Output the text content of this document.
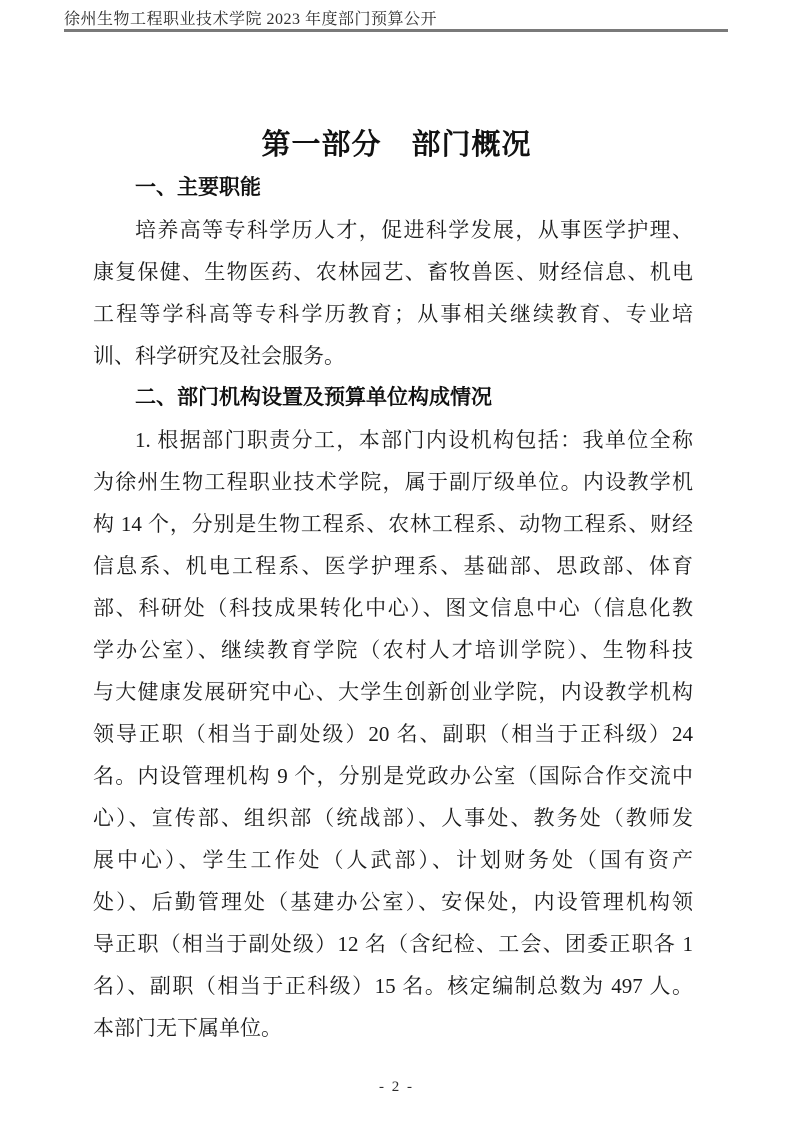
徐州生物工程职业技术学院 2023 年度部门预算公开
第一部分　部门概况
一、主要职能
培养高等专科学历人才，促进科学发展，从事医学护理、
康复保健、生物医药、农林园艺、畜牧兽医、财经信息、机电
工程等学科高等专科学历教育；从事相关继续教育、专业培
训、科学研究及社会服务。
二、部门机构设置及预算单位构成情况
1. 根据部门职责分工，本部门内设机构包括：我单位全称
为徐州生物工程职业技术学院，属于副厅级单位。内设教学机
构 14 个，分别是生物工程系、农林工程系、动物工程系、财经
信息系、机电工程系、医学护理系、基础部、思政部、体育
部、科研处（科技成果转化中心）、图文信息中心（信息化教
学办公室）、继续教育学院（农村人才培训学院）、生物科技
与大健康发展研究中心、大学生创新创业学院，内设教学机构
领导正职（相当于副处级）20 名、副职（相当于正科级）24
名。内设管理机构 9 个，分别是党政办公室（国际合作交流中
心）、宣传部、组织部（统战部）、人事处、教务处（教师发
展中心）、学生工作处（人武部）、计划财务处（国有资产
处）、后勤管理处（基建办公室）、安保处，内设管理机构领
导正职（相当于副处级）12 名（含纪检、工会、团委正职各 1
名）、副职（相当于正科级）15 名。核定编制总数为 497 人。
本部门无下属单位。
- 2 -
